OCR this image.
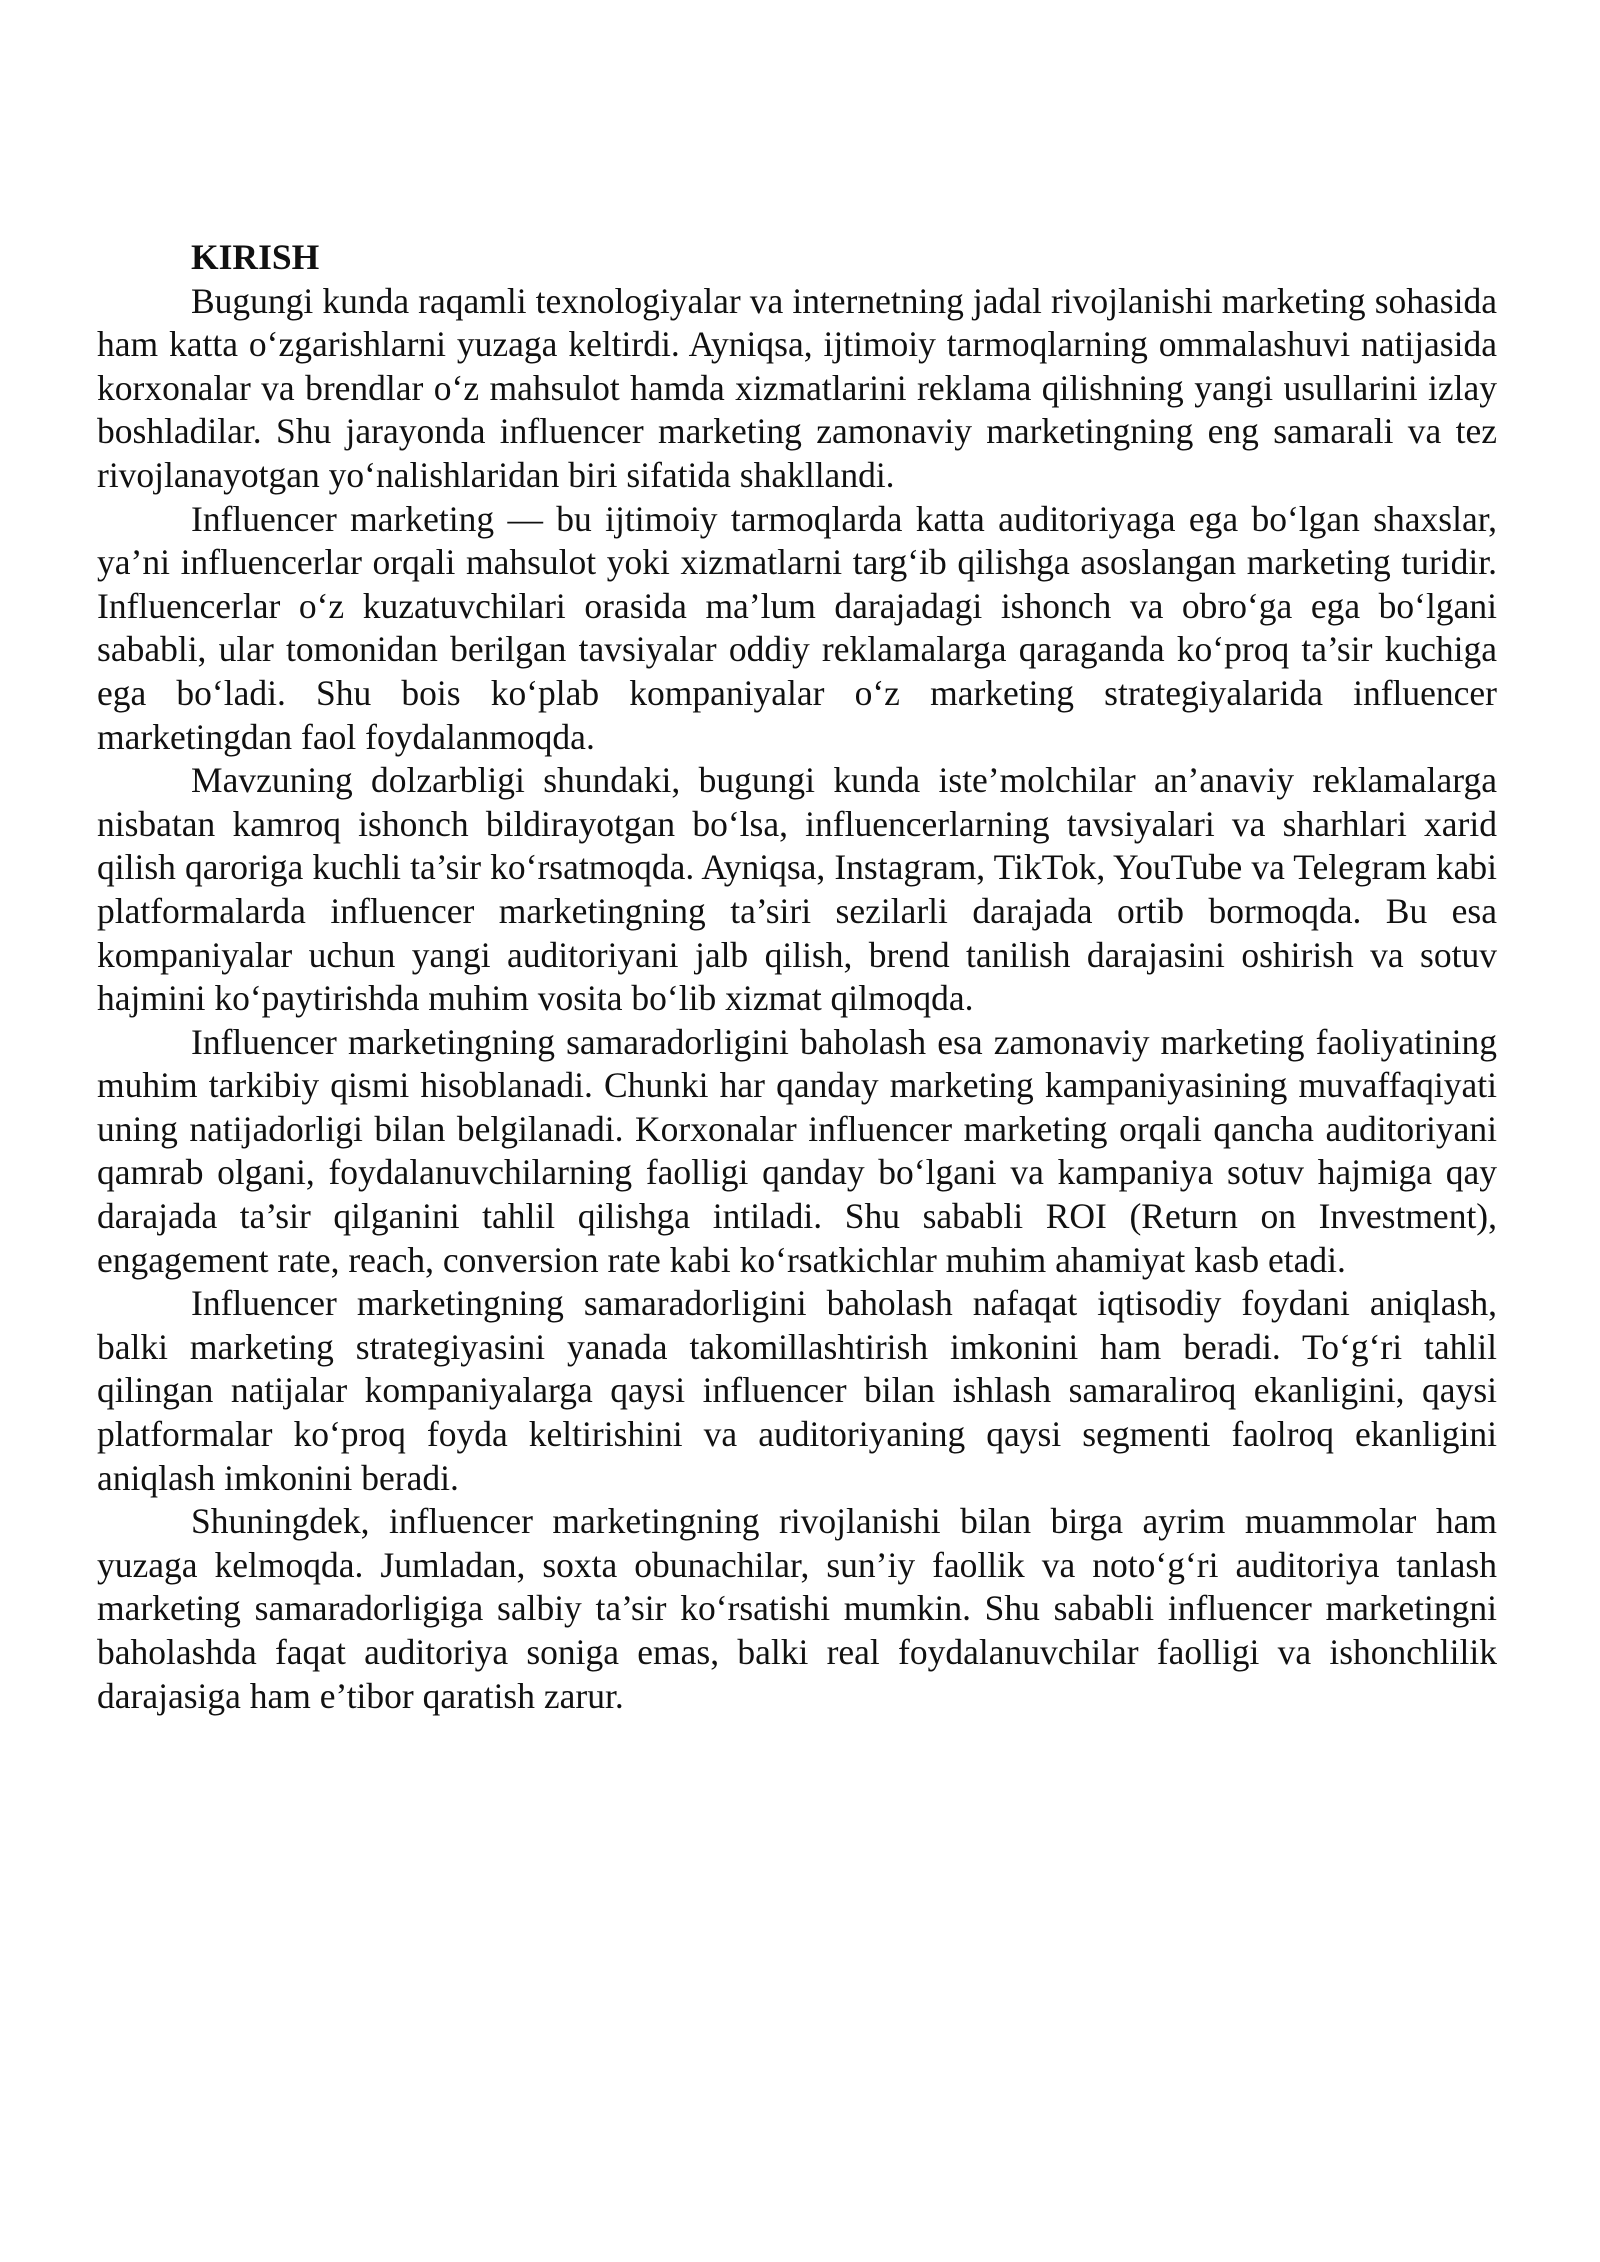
KIRISH

Bugungi kunda raqamli texnologiyalar va internetning jadal rivojlanishi marketing sohasida ham katta o‘zgarishlarni yuzaga keltirdi. Ayniqsa, ijtimoiy tarmoqlarning ommalashuvi natijasida korxonalar va brendlar o‘z mahsulot hamda xizmatlarini reklama qilishning yangi usullarini izlay boshladilar. Shu jarayonda influencer marketing zamonaviy marketingning eng samarali va tez rivojlanayotgan yo‘nalishlaridan biri sifatida shakllandi.

Influencer marketing — bu ijtimoiy tarmoqlarda katta auditoriyaga ega bo‘lgan shaxslar, ya’ni influencerlar orqali mahsulot yoki xizmatlarni targ‘ib qilishga asoslangan marketing turidir. Influencerlar o‘z kuzatuvchilari orasida ma’lum darajadagi ishonch va obro‘ga ega bo‘lgani sababli, ular tomonidan berilgan tavsiyalar oddiy reklamalarga qaraganda ko‘proq ta’sir kuchiga ega bo‘ladi. Shu bois ko‘plab kompaniyalar o‘z marketing strategiyalarida influencer marketingdan faol foydalanmoqda.

Mavzuning dolzarbligi shundaki, bugungi kunda iste’molchilar an’anaviy reklamalarga nisbatan kamroq ishonch bildirayotgan bo‘lsa, influencerlarning tavsiyalari va sharhlari xarid qilish qaroriga kuchli ta’sir ko‘rsatmoqda. Ayniqsa, Instagram, TikTok, YouTube va Telegram kabi platformalarda influencer marketingning ta’siri sezilarli darajada ortib bormoqda. Bu esa kompaniyalar uchun yangi auditoriyani jalb qilish, brend tanilish darajasini oshirish va sotuv hajmini ko‘paytirishda muhim vosita bo‘lib xizmat qilmoqda.

Influencer marketingning samaradorligini baholash esa zamonaviy marketing faoliyatining muhim tarkibiy qismi hisoblanadi. Chunki har qanday marketing kampaniyasining muvaffaqiyati uning natijadorligi bilan belgilanadi. Korxonalar influencer marketing orqali qancha auditoriyani qamrab olgani, foydalanuvchilarning faolligi qanday bo‘lgani va kampaniya sotuv hajmiga qay darajada ta’sir qilganini tahlil qilishga intiladi. Shu sababli ROI (Return on Investment), engagement rate, reach, conversion rate kabi ko‘rsatkichlar muhim ahamiyat kasb etadi.

Influencer marketingning samaradorligini baholash nafaqat iqtisodiy foydani aniqlash, balki marketing strategiyasini yanada takomillashtirish imkonini ham beradi. To‘g‘ri tahlil qilingan natijalar kompaniyalarga qaysi influencer bilan ishlash samaraliroq ekanligini, qaysi platformalar ko‘proq foyda keltirishini va auditoriyaning qaysi segmenti faolroq ekanligini aniqlash imkonini beradi.

Shuningdek, influencer marketingning rivojlanishi bilan birga ayrim muammolar ham yuzaga kelmoqda. Jumladan, soxta obunachilar, sun’iy faollik va noto‘g‘ri auditoriya tanlash marketing samaradorligiga salbiy ta’sir ko‘rsatishi mumkin. Shu sababli influencer marketingni baholashda faqat auditoriya soniga emas, balki real foydalanuvchilar faolligi va ishonchlilik darajasiga ham e’tibor qaratish zarur.
